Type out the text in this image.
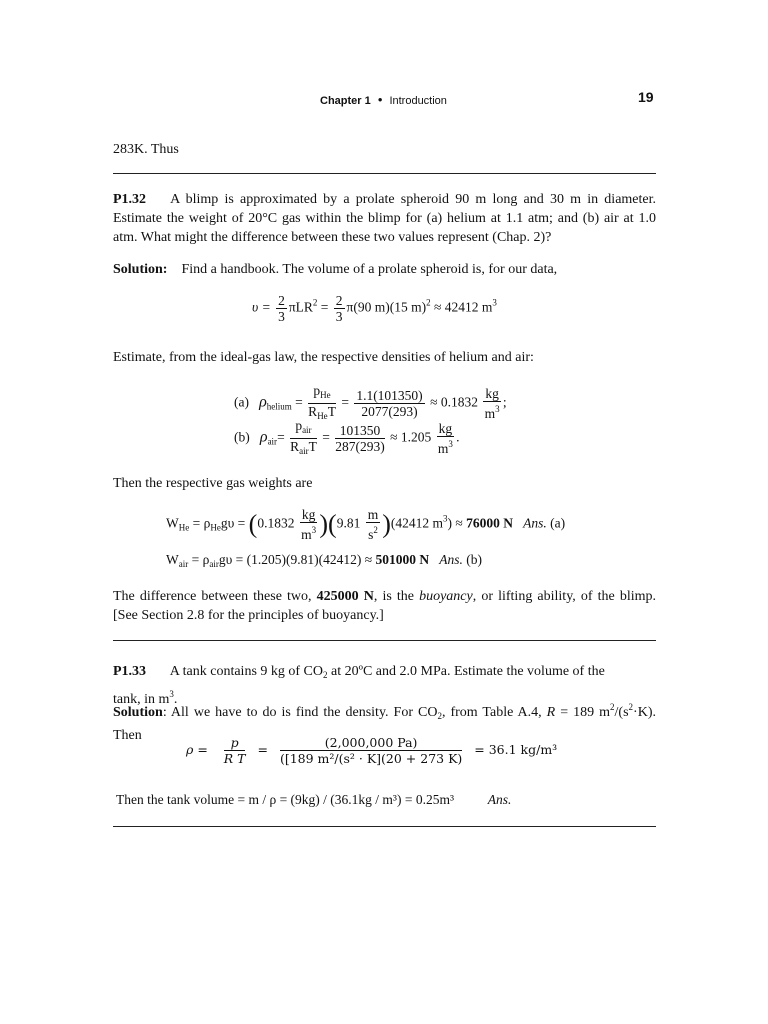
Chapter 1 • Introduction	19
283K. Thus
P1.32 A blimp is approximated by a prolate spheroid 90 m long and 30 m in diameter. Estimate the weight of 20°C gas within the blimp for (a) helium at 1.1 atm; and (b) air at 1.0 atm. What might the difference between these two values represent (Chap. 2)?
Solution: Find a handbook. The volume of a prolate spheroid is, for our data,
$\upsilon = \frac{2}{3} \pi LR^2 = \frac{2}{3} \pi(90$ m)(15 m)$^2$ ≈ 42412 $m^3$
Estimate, from the ideal-gas law, the respective densities of helium and air:
(a) $\rho_{helium} = \frac{p_{He}}{R_{He}T} = \frac{1.1(101350)}{2077(293)} \approx 0.1832 \frac{kg}{m^3}$ ;
(b) $\rho_{air}= \frac{p_{air}}{R_{air}T} = \frac{101350}{287(293)} \approx 1.205 \frac{kg}{m^3}$ .
Then the respective gas weights are
$W_{He} = \rho_{He}g\upsilon = (0.1832 \frac{kg}{m^3} )(9.81 \frac{m}{s^2} )(42412$ $m^3) \approx 76000$ N Ans. (a)
$W_{air} = \rho_{air}g\upsilon = (1.205)(9.81)(42412) \approx 501000$ N Ans. (b)
The difference between these two, 425000 N, is the buoyancy, or lifting ability, of the blimp. [See Section 2.8 for the principles of buoyancy.]
P1.33 A tank contains 9 kg of $CO_2$ at 20ºC and 2.0 MPa. Estimate the volume of the tank, in $m^3$.
Solution: All we have to do is find the density. For $CO_2$, from Table A.4, R = 189 $m^2/(s^2\cdot K)$. Then
$\rho = \frac{p}{\text{R T}} = \frac{(2,000,000 Pa)}{\text{([189 m²/(s² · K](20 + 273 K)}} = 36.1$ kg/m³
Then the tank volume = m / ρ = (9kg) / (36.1kg / m³) = 0.25m³	Ans.
